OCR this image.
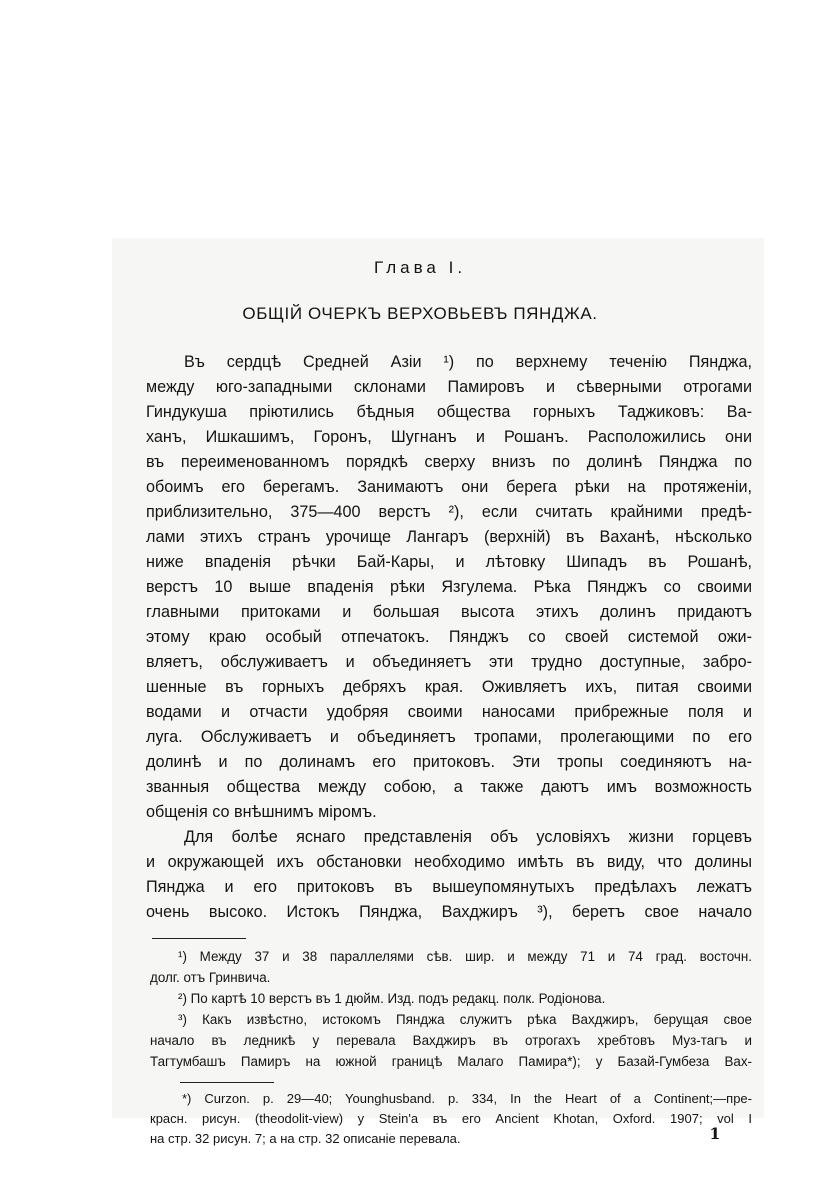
Глава I.
ОБЩІЙ ОЧЕРКЪ ВЕРХОВЬЕВЪ ПЯНДЖА.
Въ сердцѣ Средней Азіи ¹) по верхнему теченію Пянджа,
между юго-западными склонами Памировъ и сѣверными отрогами
Гиндукуша пріютились бѣдныя общества горныхъ Таджиковъ: Ва-
ханъ, Ишкашимъ, Горонъ, Шугнанъ и Рошанъ. Расположились они
въ переименованномъ порядкѣ сверху внизъ по долинѣ Пянджа по
обоимъ его берегамъ. Занимаютъ они берега рѣки на протяженіи,
приблизительно, 375—400 верстъ ²), если считать крайними предѣ-
лами этихъ странъ урочище Лангаръ (верхній) въ Ваханѣ, нѣсколько
ниже впаденія рѣчки Бай-Кары, и лѣтовку Шипадъ въ Рошанѣ,
верстъ 10 выше впаденія рѣки Язгулема. Рѣка Пянджъ со своими
главными притоками и большая высота этихъ долинъ придаютъ
этому краю особый отпечатокъ. Пянджъ со своей системой ожи-
вляетъ, обслуживаетъ и объединяетъ эти трудно доступные, забро-
шенные въ горныхъ дебряхъ края. Оживляетъ ихъ, питая своими
водами и отчасти удобряя своими наносами прибрежные поля и
луга. Обслуживаетъ и объединяетъ тропами, пролегающими по его
долинѣ и по долинамъ его притоковъ. Эти тропы соединяютъ на-
званныя общества между собою, а также даютъ имъ возможность
общенія со внѣшнимъ міромъ.
Для болѣе яснаго представленія объ условіяхъ жизни горцевъ
и окружающей ихъ обстановки необходимо имѣть въ виду, что долины
Пянджа и его притоковъ въ вышеупомянутыхъ предѣлахъ лежатъ
очень высоко. Истокъ Пянджа, Вахджиръ ³), беретъ свое начало
¹) Между 37 и 38 параллелями сѣв. шир. и между 71 и 74 град. восточн.
долг. отъ Гринвича.
²) По картѣ 10 верстъ въ 1 дюйм. Изд. подъ редакц. полк. Родіонова.
³) Какъ извѣстно, истокомъ Пянджа служитъ рѣка Вахджиръ, берущая свое
начало въ ледникѣ у перевала Вахджиръ въ отрогахъ хребтовъ Муз-тагъ и
Тагтумбашъ Памиръ на южной границѣ Малаго Памира*); у Базай-Гумбеза Вах-
*) Curzon. p. 29—40; Younghusband. p. 334, In the Heart of a Continent;—пре-
красн. рисун. (theodolit-view) y Stein'a въ его Ancient Khotan, Oxford. 1907; vol I
на стр. 32 рисун. 7; а на стр. 32 описаніе перевала.	1
